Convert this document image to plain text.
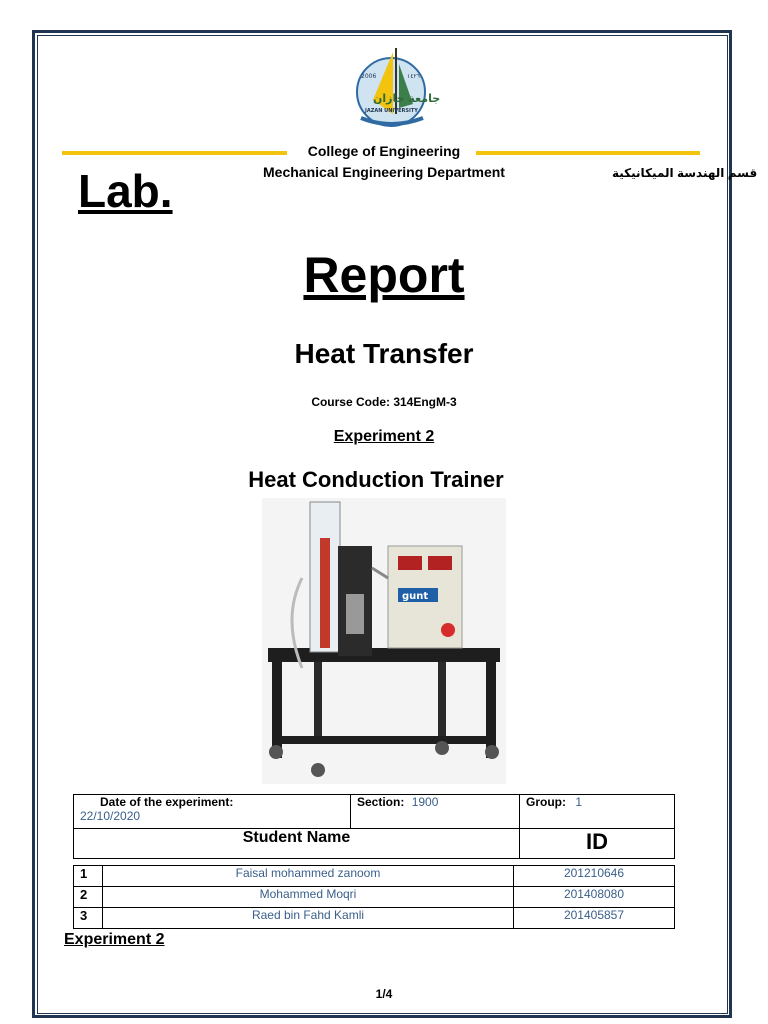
2006	١٤٢٦
جامعة جازان
JAZAN UNIVERSITY
College of Engineering
Mechanical Engineering Department	قسم الهندسة الميكانيكية
Lab.
Report
Heat Transfer
Course Code: 314EngM-3
Experiment 2
Heat Conduction Trainer
gunt
Date of the experiment:
22/10/2020	Section: 1900	Group: 1
Student Name		ID
1	Faisal mohammed zanoom	201210646
2	Mohammed Moqri	201408080
3	Raed bin Fahd Kamli	201405857
Experiment 2
1/4
